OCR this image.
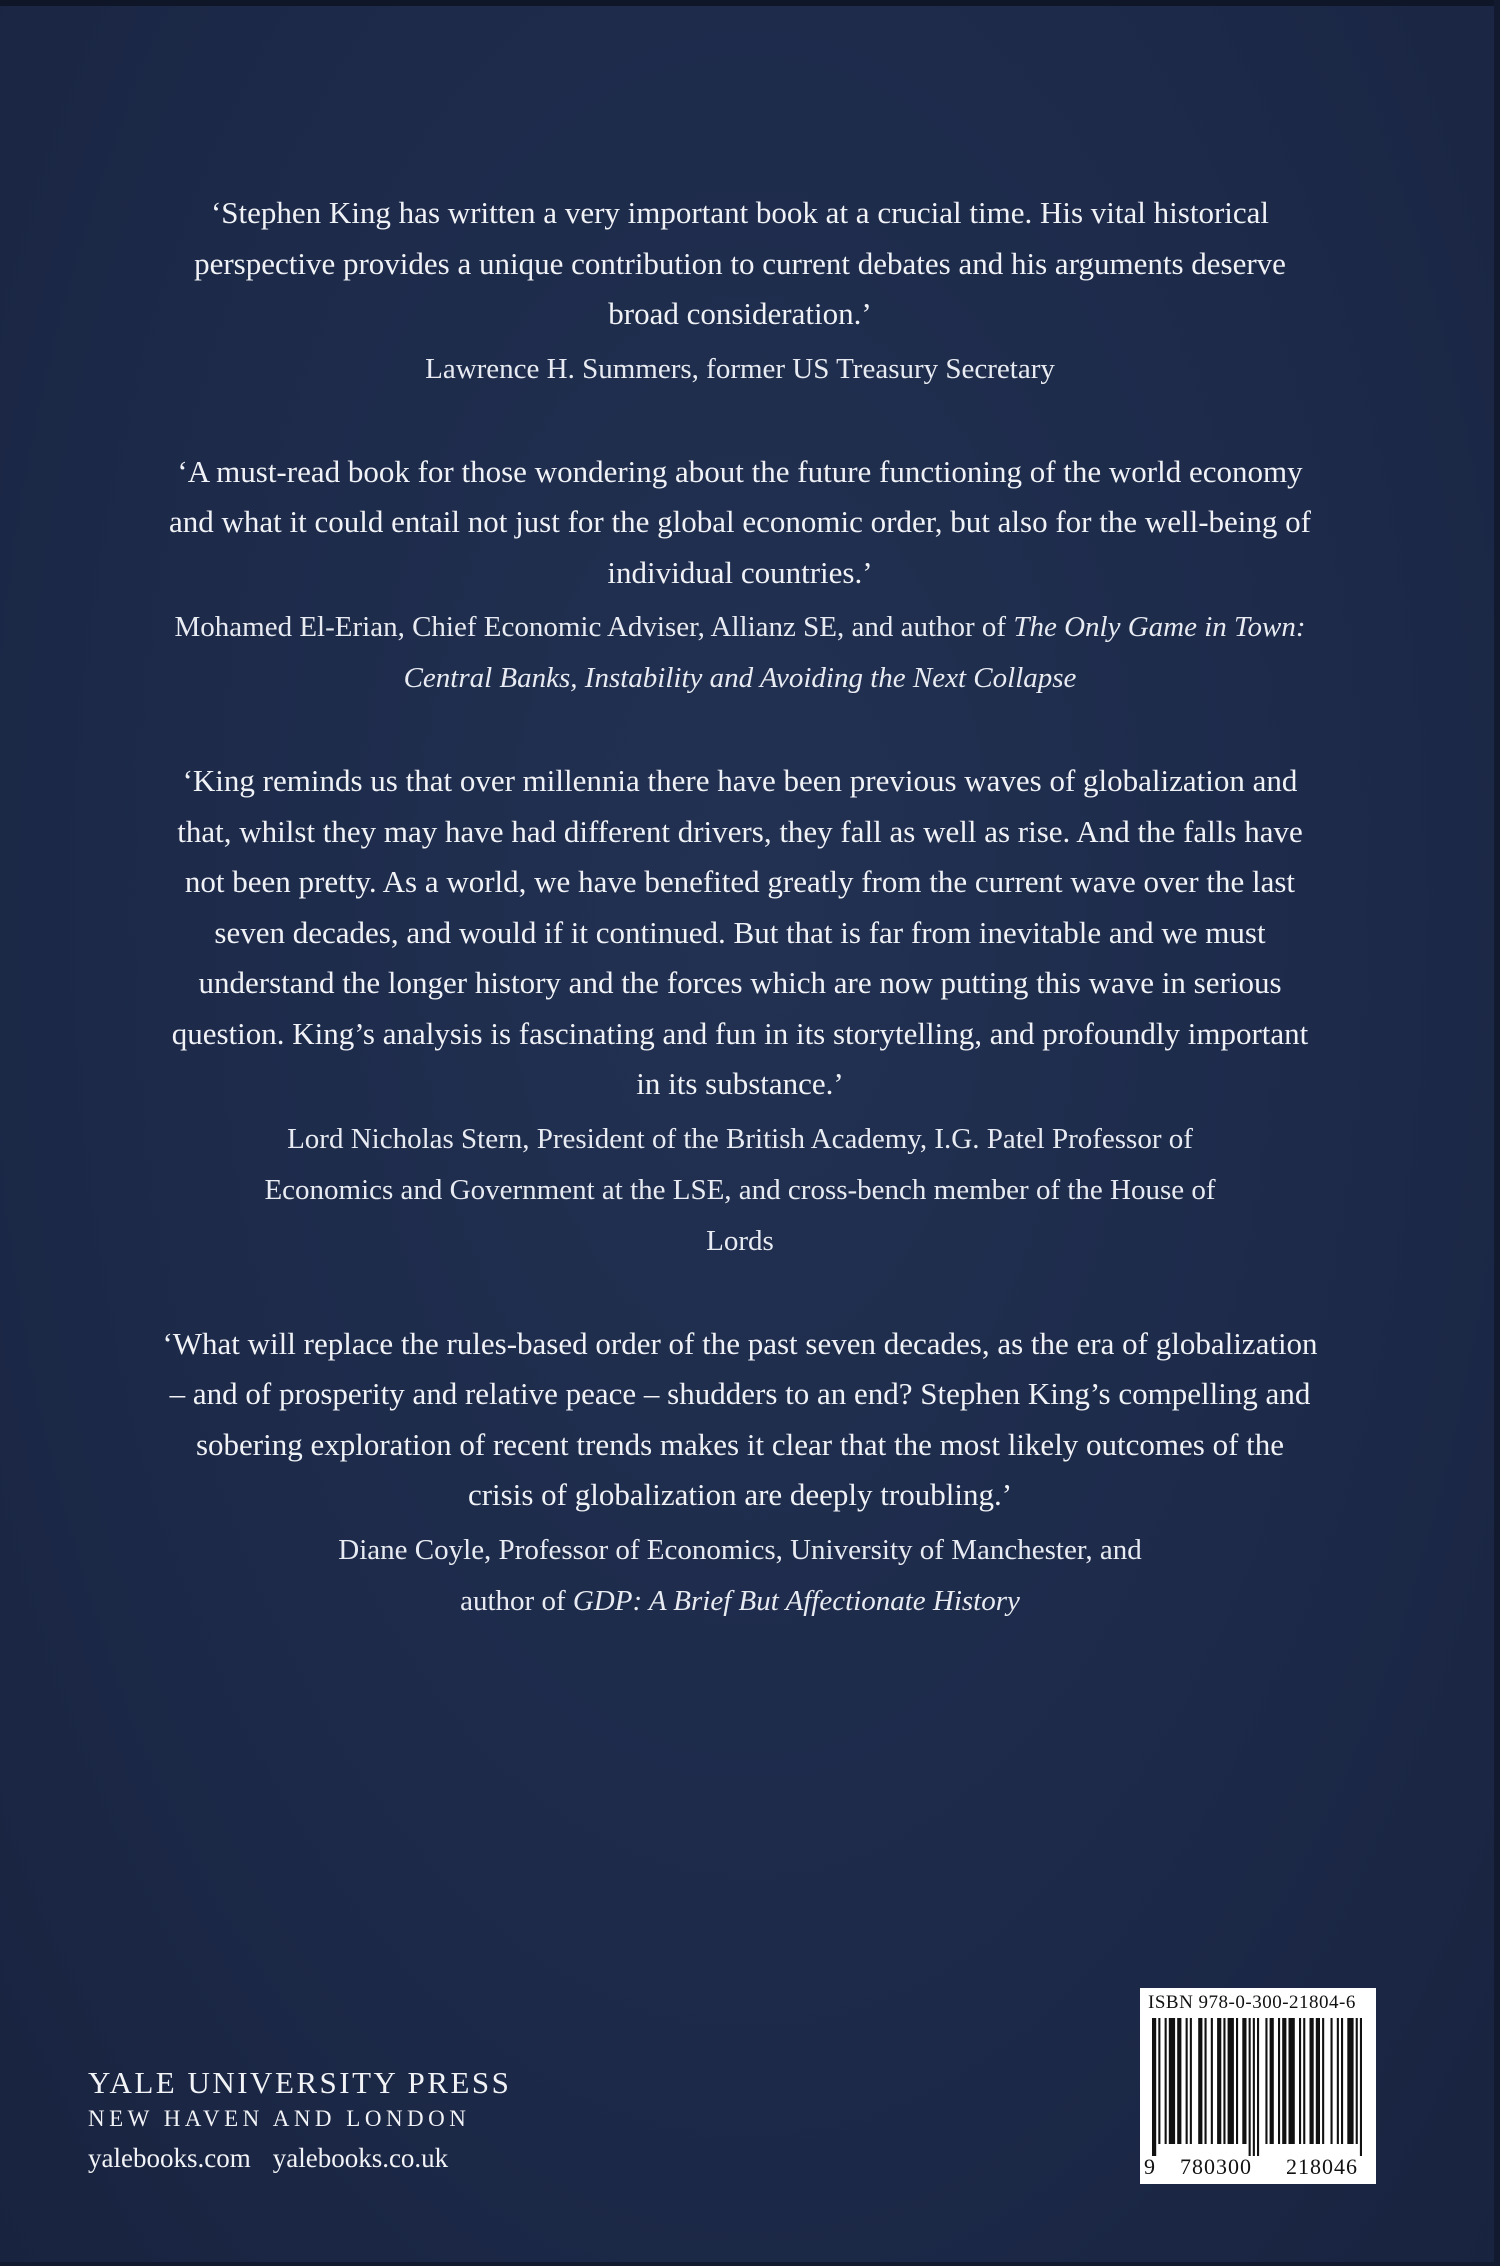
‘Stephen King has written a very important book at a crucial time. His vital historical perspective provides a unique contribution to current debates and his arguments deserve broad consideration.’

Lawrence H. Summers, former US Treasury Secretary

‘A must-read book for those wondering about the future functioning of the world economy and what it could entail not just for the global economic order, but also for the well-being of individual countries.’

Mohamed El-Erian, Chief Economic Adviser, Allianz SE, and author of The Only Game in Town: Central Banks, Instability and Avoiding the Next Collapse

‘King reminds us that over millennia there have been previous waves of globalization and that, whilst they may have had different drivers, they fall as well as rise. And the falls have not been pretty. As a world, we have benefited greatly from the current wave over the last seven decades, and would if it continued. But that is far from inevitable and we must understand the longer history and the forces which are now putting this wave in serious question. King’s analysis is fascinating and fun in its storytelling, and profoundly important in its substance.’

Lord Nicholas Stern, President of the British Academy, I.G. Patel Professor of Economics and Government at the LSE, and cross-bench member of the House of Lords

‘What will replace the rules-based order of the past seven decades, as the era of globalization – and of prosperity and relative peace – shudders to an end? Stephen King’s compelling and sobering exploration of recent trends makes it clear that the most likely outcomes of the crisis of globalization are deeply troubling.’

Diane Coyle, Professor of Economics, University of Manchester, and author of GDP: A Brief But Affectionate History

YALE UNIVERSITY PRESS
NEW HAVEN AND LONDON
yalebooks.com yalebooks.co.uk
ISBN 978-0-300-21804-6
9	780300	218046
